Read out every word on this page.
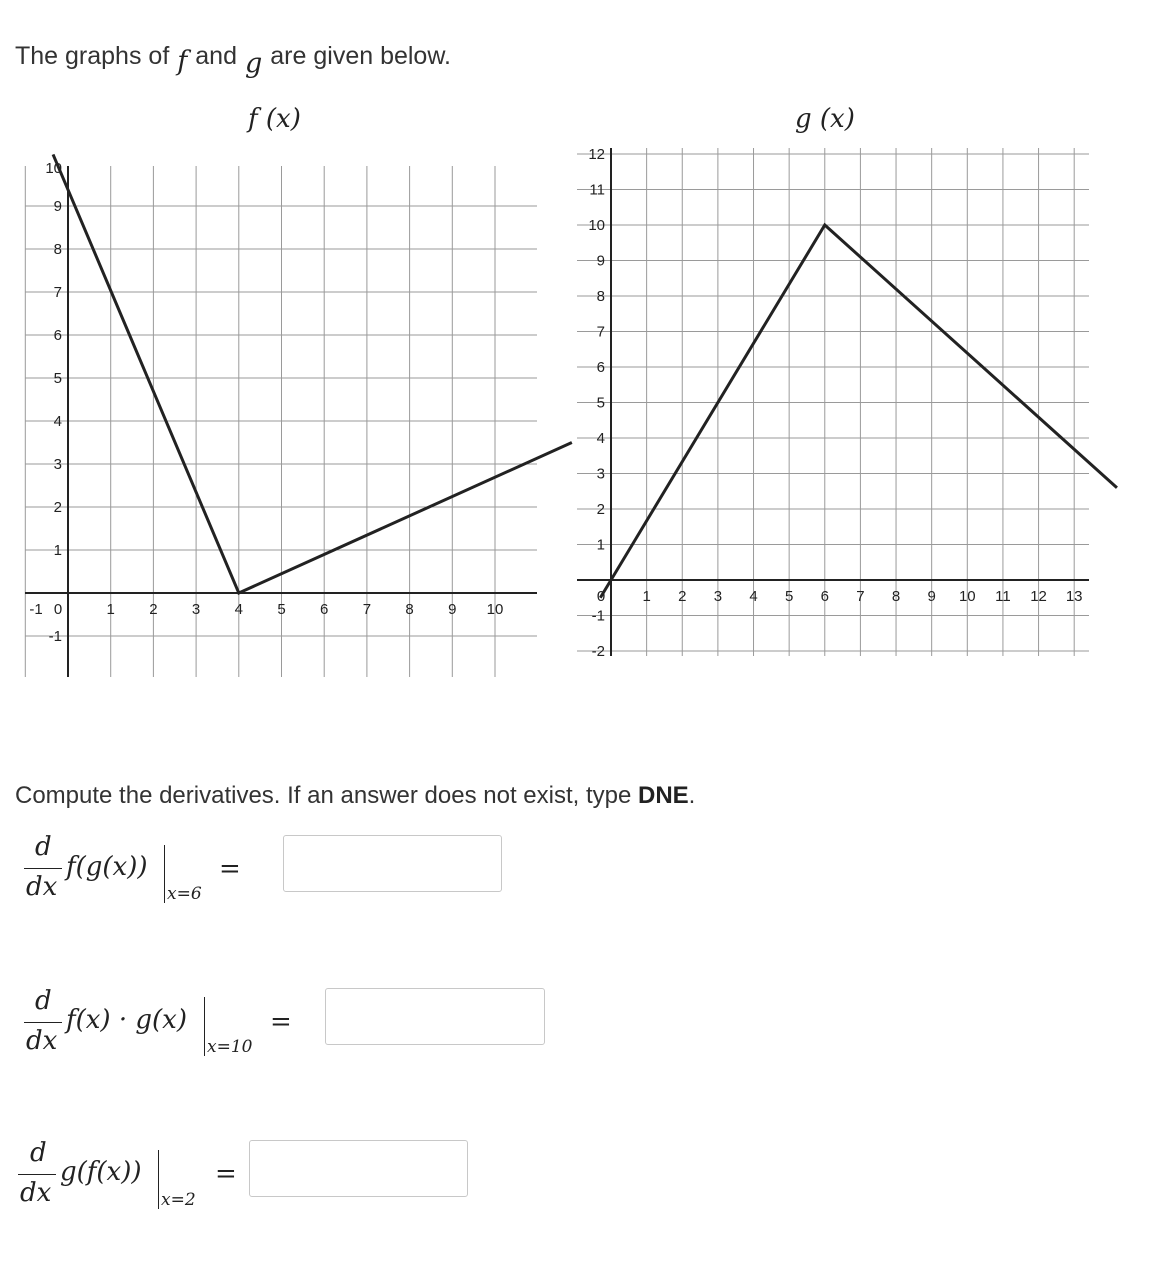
The graphs of f and g are given below.
f (x)	g (x)
-1 0	1 2 3 4 5 6 7 8 9 10
-1
1
2
3
4
5
6
7
8
9
10
0 1 2 3 4 5 6 7 8 9 10 11 12 13
-2
-1
1
2
3
4
5
6
7
8
9
10
11
12
Compute the derivatives. If an answer does not exist, type DNE.
d
dx
f(g(x))
x=6
=
d
dx
f(x) · g(x)
x=10
=
d
dx
g(f(x))
x=2
=
